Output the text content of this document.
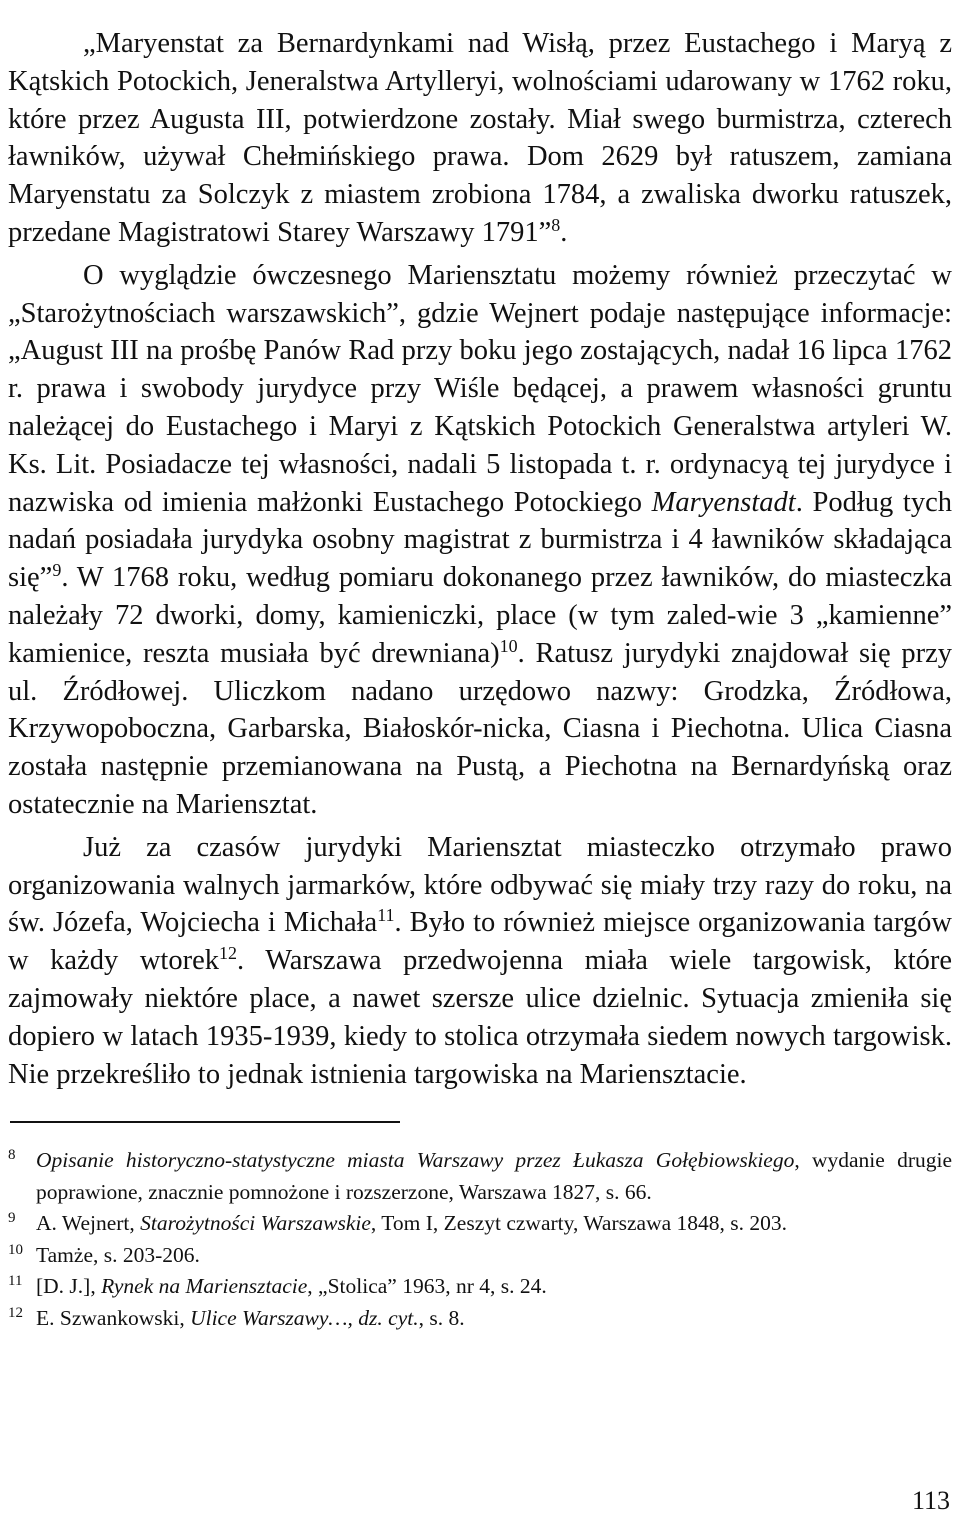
„Maryenstat za Bernardynkami nad Wisłą, przez Eustachego i Maryą z Kątskich Potockich, Jeneralstwa Artylleryi, wolnościami udarowany w 1762 roku, które przez Augusta III, potwierdzone zostały. Miał swego burmistrza, czterech ławników, używał Chełmińskiego prawa. Dom 2629 był ratuszem, zamiana Maryenstatu za Solczyk z miastem zrobiona 1784, a zwaliska dworku ratuszek, przedane Magistratowi Starey Warszawy 1791”$^8$.

O wyglądzie ówczesnego Mariensztatu możemy również przeczytać w „Starożytnościach warszawskich”, gdzie Wejnert podaje następujące informacje: „August III na prośbę Panów Rad przy boku jego zostających, nadał 16 lipca 1762 r. prawa i swobody jurydyce przy Wiśle będącej, a prawem własności gruntu należącej do Eustachego i Maryi z Kątskich Potockich Generalstwa artyleri W. Ks. Lit. Posiadacze tej własności, nadali 5 listopada t. r. ordynacyą tej jurydyce i nazwiska od imienia małżonki Eustachego Potockiego Maryenstadt. Podług tych nadań posiadała jurydyka osobny magistrat z burmistrza i 4 ławników składająca się”$^9$. W 1768 roku, według pomiaru dokonanego przez ławników, do miasteczka należały 72 dworki, domy, kamieniczki, place (w tym zaled-wie 3 „kamienne” kamienice, reszta musiała być drewniana)$^{10}$. Ratusz jurydyki znajdował się przy ul. Źródłowej. Uliczkom nadano urzędowo nazwy: Grodzka, Źródłowa, Krzywopoboczna, Garbarska, Białoskór-nicka, Ciasna i Piechotna. Ulica Ciasna została następnie przemianowana na Pustą, a Piechotna na Bernardyńską oraz ostatecznie na Mariensztat.

Już za czasów jurydyki Mariensztat miasteczko otrzymało prawo organizowania walnych jarmarków, które odbywać się miały trzy razy do roku, na św. Józefa, Wojciecha i Michała$^{11}$. Było to również miejsce organizowania targów w każdy wtorek$^{12}$. Warszawa przedwojenna miała wiele targowisk, które zajmowały niektóre place, a nawet szersze ulice dzielnic. Sytuacja zmieniła się dopiero w latach 1935-1939, kiedy to stolica otrzymała siedem nowych targowisk. Nie przekreśliło to jednak istnienia targowiska na Mariensztacie.

8 Opisanie historyczno-statystyczne miasta Warszawy przez Łukasza Gołębiowskiego, wydanie drugie poprawione, znacznie pomnożone i rozszerzone, Warszawa 1827, s. 66.
9 A. Wejnert, Starożytności Warszawskie, Tom I, Zeszyt czwarty, Warszawa 1848, s. 203.
10 Tamże, s. 203-206.
11 [D. J.], Rynek na Mariensztacie, „Stolica” 1963, nr 4, s. 24.
12 E. Szwankowski, Ulice Warszawy…, dz. cyt., s. 8.
113
